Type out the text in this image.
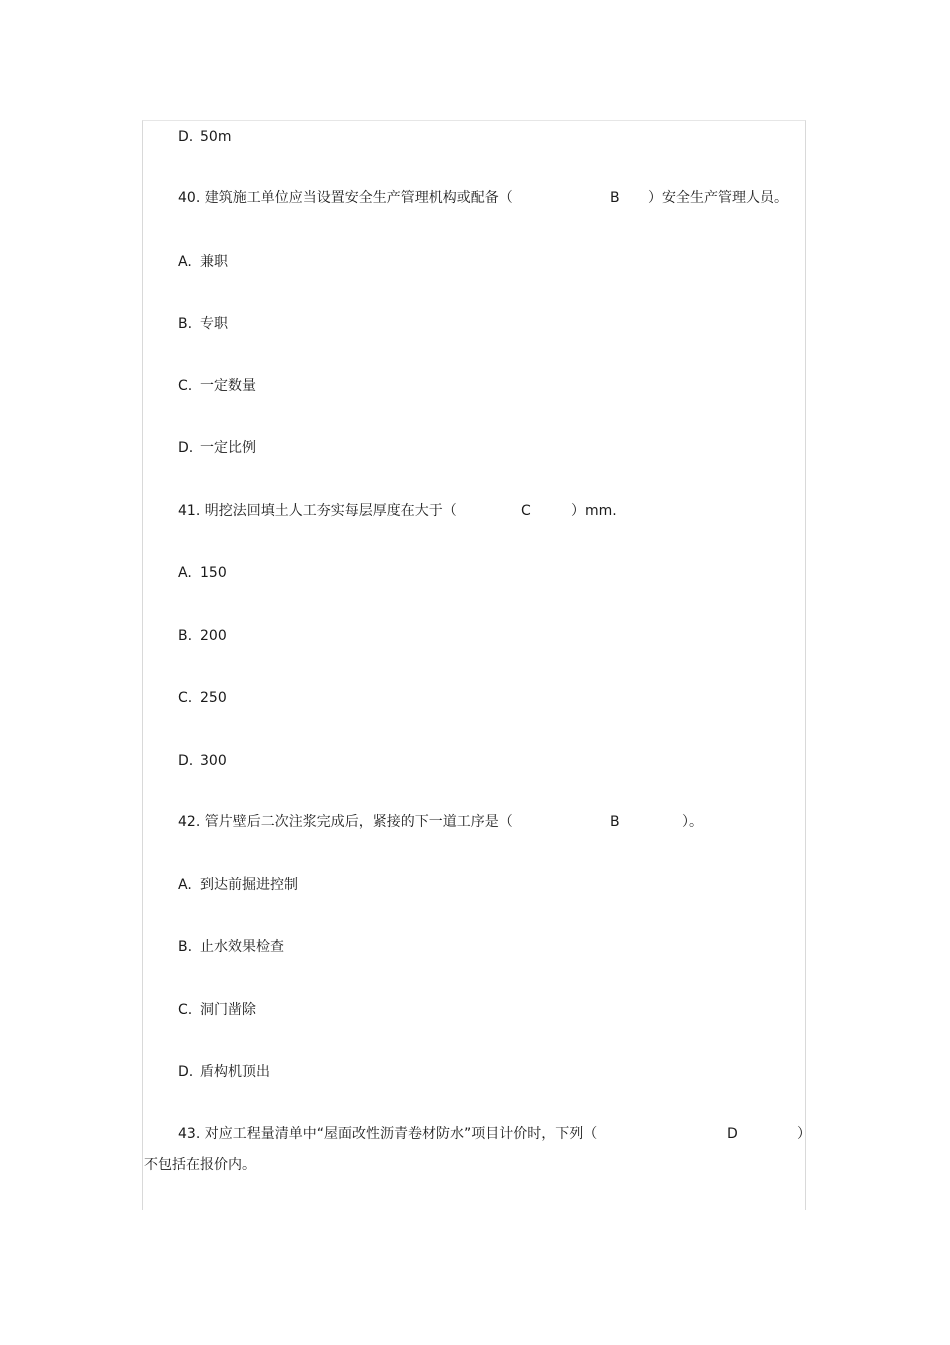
D. 50m
40. 建筑施工单位应当设置安全生产管理机构或配备（	B ）安全生产管理人员。
A. 兼职
B. 专职
C. 一定数量
D. 一定比例
41. 明挖法回填土人工夯实每层厚度在大于（	C	）mm.
A. 150
B. 200
C. 250
D. 300
42. 管片壁后二次注浆完成后，紧接的下一道工序是（	B	）。
A. 到达前掘进控制
B. 止水效果检查
C. 洞门凿除
D. 盾构机顶出
43. 对应工程量清单中“屋面改性沥青卷材防水”项目计价时，下列（	D	）
不包括在报价内。
